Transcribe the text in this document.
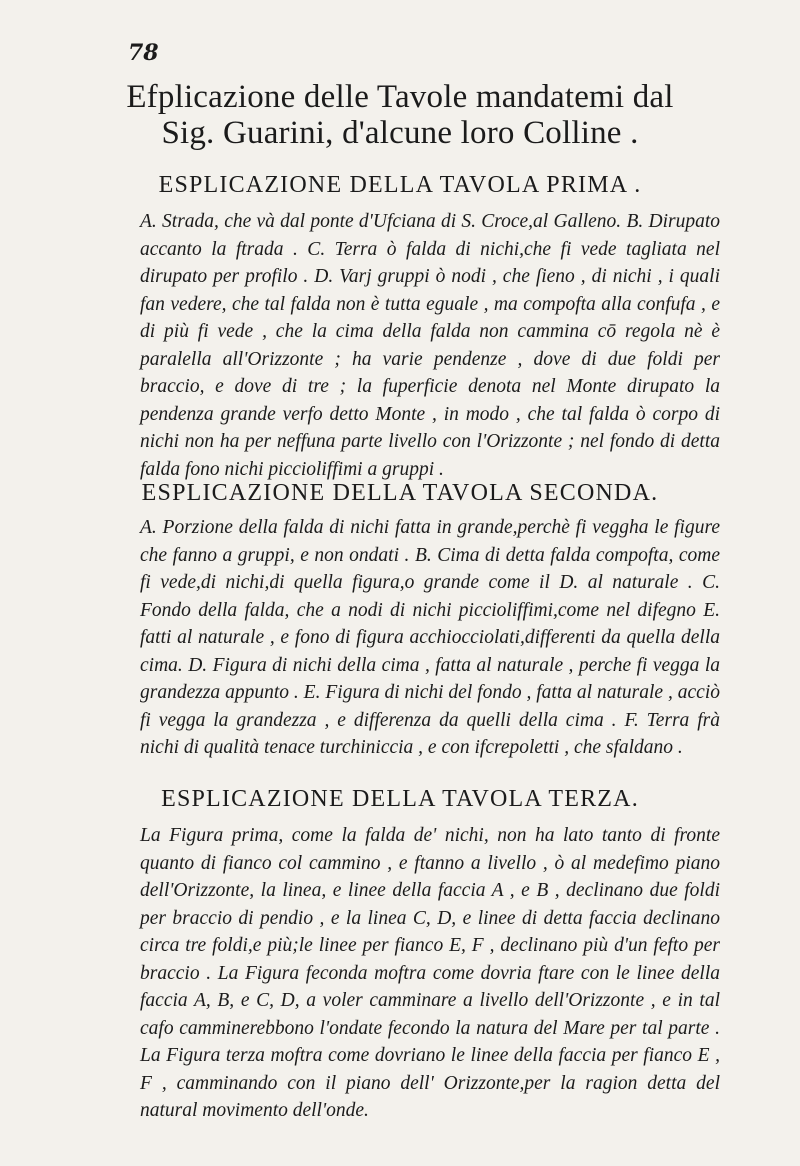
78
Efplicazione delle Tavole mandatemi dal
Sig. Guarini, d'alcune loro Colline .
ESPLICAZIONE DELLA TAVOLA PRIMA .

A. Strada, che và dal ponte d'Ufciana di S. Croce,al Galleno. B. Dirupato accanto la ftrada . C. Terra ò falda di nichi,che fi vede tagliata nel dirupato per profilo . D. Varj gruppi ò nodi , che ſieno , di nichi , i quali fan vedere, che tal falda non è tutta eguale , ma compofta alla confufa , e di più fi vede , che la cima della falda non cammina cō regola nè è paralella all'Orizzonte ; ha varie pendenze , dove di due foldi per braccio, e dove di tre ; la fuperficie denota nel Monte dirupato la pendenza grande verfo detto Monte , in modo , che tal falda ò corpo di nichi non ha per neffuna parte livello con l'Orizzonte ; nel fondo di detta falda fono nichi piccioliffimi a gruppi .

ESPLICAZIONE DELLA TAVOLA SECONDA.

A. Porzione della falda di nichi fatta in grande,perchè fi veggha le figure che fanno a gruppi, e non ondati . B. Cima di detta falda compofta, come fi vede,di nichi,di quella figura,o grande come il D. al naturale . C. Fondo della falda, che a nodi di nichi piccioliffimi,come nel difegno E. fatti al naturale , e fono di figura acchiocciolati,differenti da quella della cima. D. Figura di nichi della cima , fatta al naturale , perche fi vegga la grandezza appunto . E. Figura di nichi del fondo , fatta al naturale , acciò fi vegga la grandezza , e differenza da quelli della cima . F. Terra frà nichi di qualità tenace turchiniccia , e con ifcrepoletti , che sfaldano .

ESPLICAZIONE DELLA TAVOLA TERZA.

La Figura prima, come la falda de' nichi, non ha lato tanto di fronte quanto di fianco col cammino , e ftanno a livello , ò al medefimo piano dell'Orizzonte, la linea, e linee della faccia A , e B , declinano due foldi per braccio di pendio , e la linea C, D, e linee di detta faccia declinano circa tre foldi,e più;le linee per fianco E, F , declinano più d'un fefto per braccio . La Figura feconda moftra come dovria ftare con le linee della faccia A, B, e C, D, a voler camminare a livello dell'Orizzonte , e in tal cafo camminerebbono l'ondate fecondo la natura del Mare per tal parte . La Figura terza moftra come dovriano le linee della faccia per fianco E , F , camminando con il piano dell' Orizzonte,per la ragion detta del natural movimento dell'onde.
